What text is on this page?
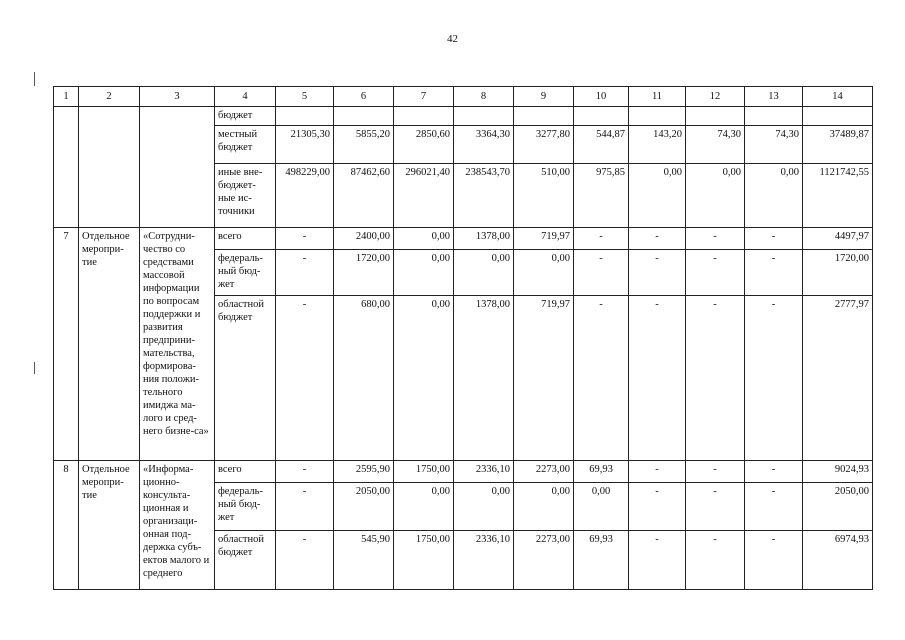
42
1	2	3	4	5	6	7	8	9	10	11	12	13	14
			бюджет										
			местный бюджет	21305,30	5855,20	2850,60	3364,30	3277,80	544,87	143,20	74,30	74,30	37489,87
			иные вне-бюджет-ные ис-точники	498229,00	87462,60	296021,40	238543,70	510,00	975,85	0,00	0,00	0,00	1121742,55
7	Отдельное меропри-тие	«Сотрудни-чество со средствами массовой информации по вопросам поддержки и развития предприни-мательства, формирова-ния положи-тельного имиджа ма-лого и сред-него бизне-са»	всего	-	2400,00	0,00	1378,00	719,97	-	-	-	-	4497,97
			федераль-ный бюд-жет	-	1720,00	0,00	0,00	0,00	-	-	-	-	1720,00
			областной бюджет	-	680,00	0,00	1378,00	719,97	-	-	-	-	2777,97
8	Отдельное меропри-тие	«Информа-ционно-консульта-ционная и организаци-онная под-держка субъ-ектов малого и среднего	всего	-	2595,90	1750,00	2336,10	2273,00	69,93	-	-	-	9024,93
			федераль-ный бюд-жет	-	2050,00	0,00	0,00	0,00	0,00	-	-	-	2050,00
			областной бюджет	-	545,90	1750,00	2336,10	2273,00	69,93	-	-	-	6974,93
